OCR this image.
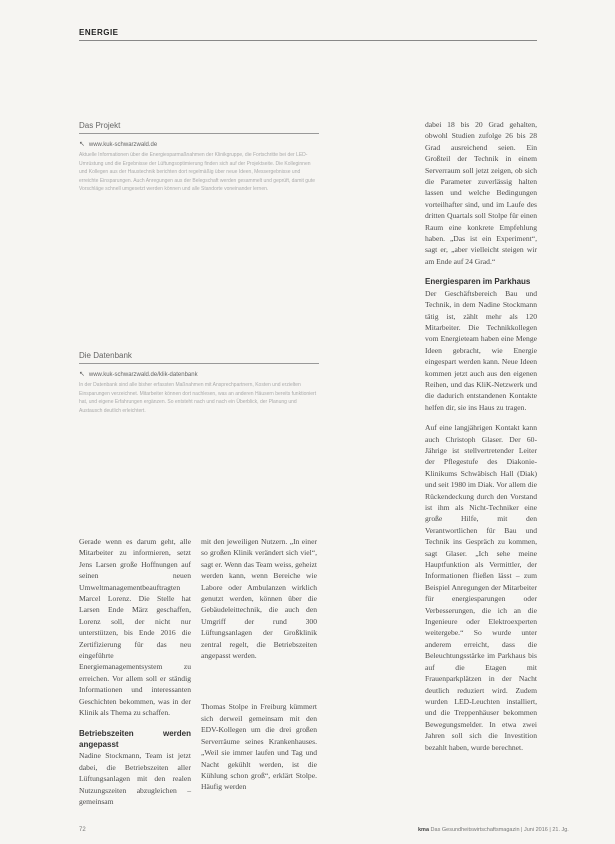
ENERGIE
Das Projekt
↖ www.kuk-schwarzwald.de

Aktuelle Informationen über die Energiesparmaßnahmen der Klinikgruppe, die Fortschritte bei der LED-Umrüstung und die Ergebnisse der Lüftungsoptimierung finden sich auf der Projektseite. Die Kolleginnen und Kollegen aus der Haustechnik berichten dort regelmäßig über neue Ideen, Messergebnisse und erreichte Einsparungen. Auch Anregungen aus der Belegschaft werden gesammelt und geprüft, damit gute Vorschläge schnell umgesetzt werden können und alle Standorte voneinander lernen.

Die Datenbank
↖ www.kuk-schwarzwald.de/klik-datenbank

In der Datenbank sind alle bisher erfassten Maßnahmen mit Ansprechpartnern, Kosten und erzielten Einsparungen verzeichnet. Mitarbeiter können dort nachlesen, was an anderen Häusern bereits funktioniert hat, und eigene Erfahrungen ergänzen. So entsteht nach und nach ein Überblick, der Planung und Austausch deutlich erleichtert.

Gerade wenn es darum geht, alle Mitarbeiter zu informieren, setzt Jens Larsen große Hoffnungen auf seinen neuen Umweltmanagementbeauftragten Marcel Lorenz. Die Stelle hat Larsen Ende März geschaffen, Lorenz soll, der nicht nur unterstützen, bis Ende 2016 die Zertifizierung für das neu eingeführte Energiemanagementsystem zu erreichen. Vor allem soll er ständig Informationen und interessanten Geschichten bekommen, was in der Klinik als Thema zu schaffen.

Betriebszeiten werden angepasst

Nadine Stockmann, Team ist jetzt dabei, die Betriebszeiten aller Lüftungsanlagen mit den realen Nutzungszeiten abzugleichen – gemeinsam

mit den jeweiligen Nutzern. „In einer so großen Klinik verändert sich viel“, sagt er. Wenn das Team weiss, geheizt werden kann, wenn Bereiche wie Labore oder Ambulanzen wirklich genutzt werden, können über die Gebäudeleittechnik, die auch den Umgriff der rund 300 Lüftungsanlagen der Großklinik zentral regelt, die Betriebszeiten angepasst werden.

Thomas Stolpe in Freiburg kümmert sich derweil gemeinsam mit den EDV-Kollegen um die drei großen Serverräume seines Krankenhauses. „Weil sie immer laufen und Tag und Nacht gekühlt werden, ist die Kühlung schon groß“, erklärt Stolpe. Häufig werden

dabei 18 bis 20 Grad gehalten, obwohl Studien zufolge 26 bis 28 Grad ausreichend seien. Ein Großteil der Technik in einem Serverraum soll jetzt zeigen, ob sich die Parameter zuverlässig halten lassen und welche Bedingungen vorteilhafter sind, und im Laufe des dritten Quartals soll Stolpe für einen Raum eine konkrete Empfehlung haben. „Das ist ein Experiment“, sagt er, „aber vielleicht steigen wir am Ende auf 24 Grad.“

Energiesparen im Parkhaus

Der Geschäftsbereich Bau und Technik, in dem Nadine Stockmann tätig ist, zählt mehr als 120 Mitarbeiter. Die Technikkollegen vom Energieteam haben eine Menge Ideen gebracht, wie Energie eingespart werden kann. Neue Ideen kommen jetzt auch aus den eigenen Reihen, und das KliK-Netzwerk und die dadurich entstandenen Kontakte helfen dir, sie ins Haus zu tragen.

Auf eine langjährigen Kontakt kann auch Christoph Glaser. Der 60-Jährige ist stellvertretender Leiter der Pflegestufe des Diakonie-Klinikums Schwäbisch Hall (Diak) und seit 1980 im Diak. Vor allem die Rückendeckung durch den Vorstand ist ihm als Nicht-Techniker eine große Hilfe, mit den Verantwortlichen für Bau und Technik ins Gespräch zu kommen, sagt Glaser. „Ich sehe meine Hauptfunktion als Vermittler, der Informationen fließen lässt – zum Beispiel Anregungen der Mitarbeiter für energiesparungen oder Verbesserungen, die ich an die Ingenieure oder Elektroexperten weitergebe.“ So wurde unter anderem erreicht, dass die Beleuchtungsstärke im Parkhaus bis auf die Etagen mit Frauenparkplätzen in der Nacht deutlich reduziert wird. Zudem wurden LED-Leuchten installiert, und die Treppenhäuser bekommen Bewegungsmelder. In etwa zwei Jahren soll sich die Investition bezahlt haben, wurde berechnet.

72	kma Das Gesundheitswirtschaftsmagazin | Juni 2016 | 21. Jg.
